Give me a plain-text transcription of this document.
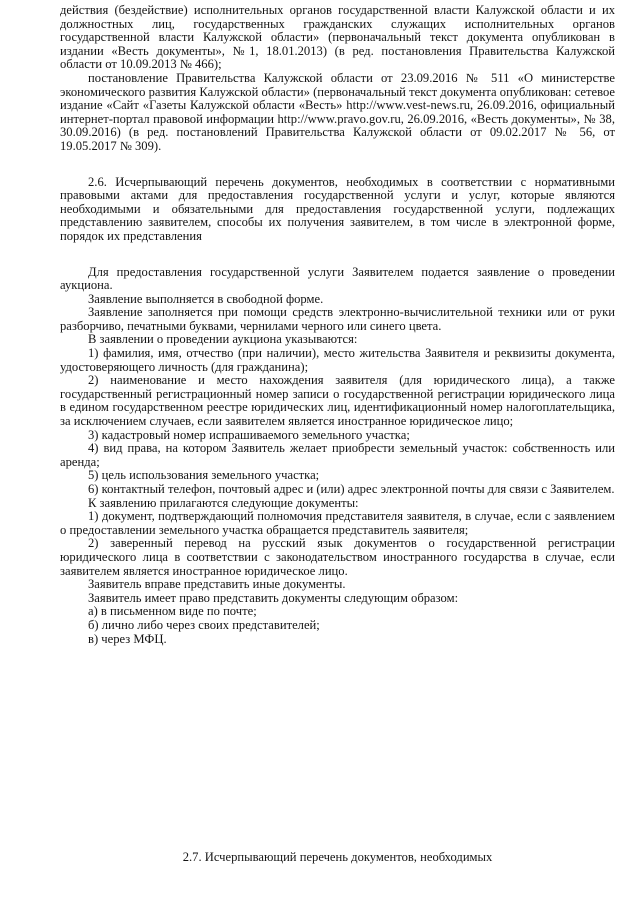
действия (бездействие) исполнительных органов государственной власти Калужской области и их должностных лиц, государственных гражданских служащих исполнительных органов государственной власти Калужской области» (первоначальный текст документа опубликован в издании «Весть документы», №1, 18.01.2013) (в ред. постановления Правительства Калужской области от 10.09.2013 № 466);

постановление Правительства Калужской области от 23.09.2016 № 511 «О министерстве экономического развития Калужской области» (первоначальный текст документа опубликован: сетевое издание «Сайт «Газеты Калужской области «Весть» http://www.vest-news.ru, 26.09.2016, официальный интернет-портал правовой информации http://www.pravo.gov.ru, 26.09.2016, «Весть документы», № 38, 30.09.2016) (в ред. постановлений Правительства Калужской области от 09.02.2017 № 56, от 19.05.2017 № 309).

2.6. Исчерпывающий перечень документов, необходимых в соответствии с нормативными правовыми актами для предоставления государственной услуги и услуг, которые являются необходимыми и обязательными для предоставления государственной услуги, подлежащих представлению заявителем, способы их получения заявителем, в том числе в электронной форме, порядок их представления

Для предоставления государственной услуги Заявителем подается заявление о проведении аукциона.

Заявление выполняется в свободной форме.

Заявление заполняется при помощи средств электронно-вычислительной техники или от руки разборчиво, печатными буквами, чернилами черного или синего цвета.

В заявлении о проведении аукциона указываются:

1) фамилия, имя, отчество (при наличии), место жительства Заявителя и реквизиты документа, удостоверяющего личность (для гражданина);

2) наименование и место нахождения заявителя (для юридического лица), а также государственный регистрационный номер записи о государственной регистрации юридического лица в едином государственном реестре юридических лиц, идентификационный номер налогоплательщика, за исключением случаев, если заявителем является иностранное юридическое лицо;

3) кадастровый номер испрашиваемого земельного участка;

4) вид права, на котором Заявитель желает приобрести земельный участок: собственность или аренда;

5) цель использования земельного участка;

6) контактный телефон, почтовый адрес и (или) адрес электронной почты для связи с Заявителем.

К заявлению прилагаются следующие документы:

1) документ, подтверждающий полномочия представителя заявителя, в случае, если с заявлением о предоставлении земельного участка обращается представитель заявителя;

2) заверенный перевод на русский язык документов о государственной регистрации юридического лица в соответствии с законодательством иностранного государства в случае, если заявителем является иностранное юридическое лицо.

Заявитель вправе представить иные документы.

Заявитель имеет право представить документы следующим образом:

а) в письменном виде по почте;

б) лично либо через своих представителей;

в) через МФЦ.

2.7. Исчерпывающий перечень документов, необходимых
